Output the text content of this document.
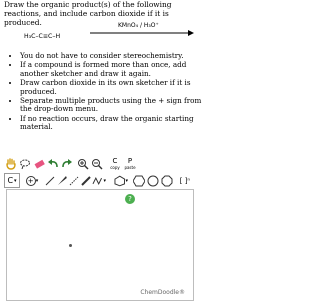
Draw the organic product(s) of the following reactions, and include carbon dioxide if it is produced.
H₃C–C≡C–H
KMnO₄ / H₃O⁺
• You do not have to consider stereochemistry.
• If a compound is formed more than once, add another sketcher and draw it again.
• Draw carbon dioxide in its own sketcher if it is produced.
• Separate multiple products using the + sign from the drop-down menu.
• If no reaction occurs, draw the organic starting material.
C
copy
P
paste
C ▾ + ▾	▾	▾	[ ]ⁿ
?
ChemDoodle®
